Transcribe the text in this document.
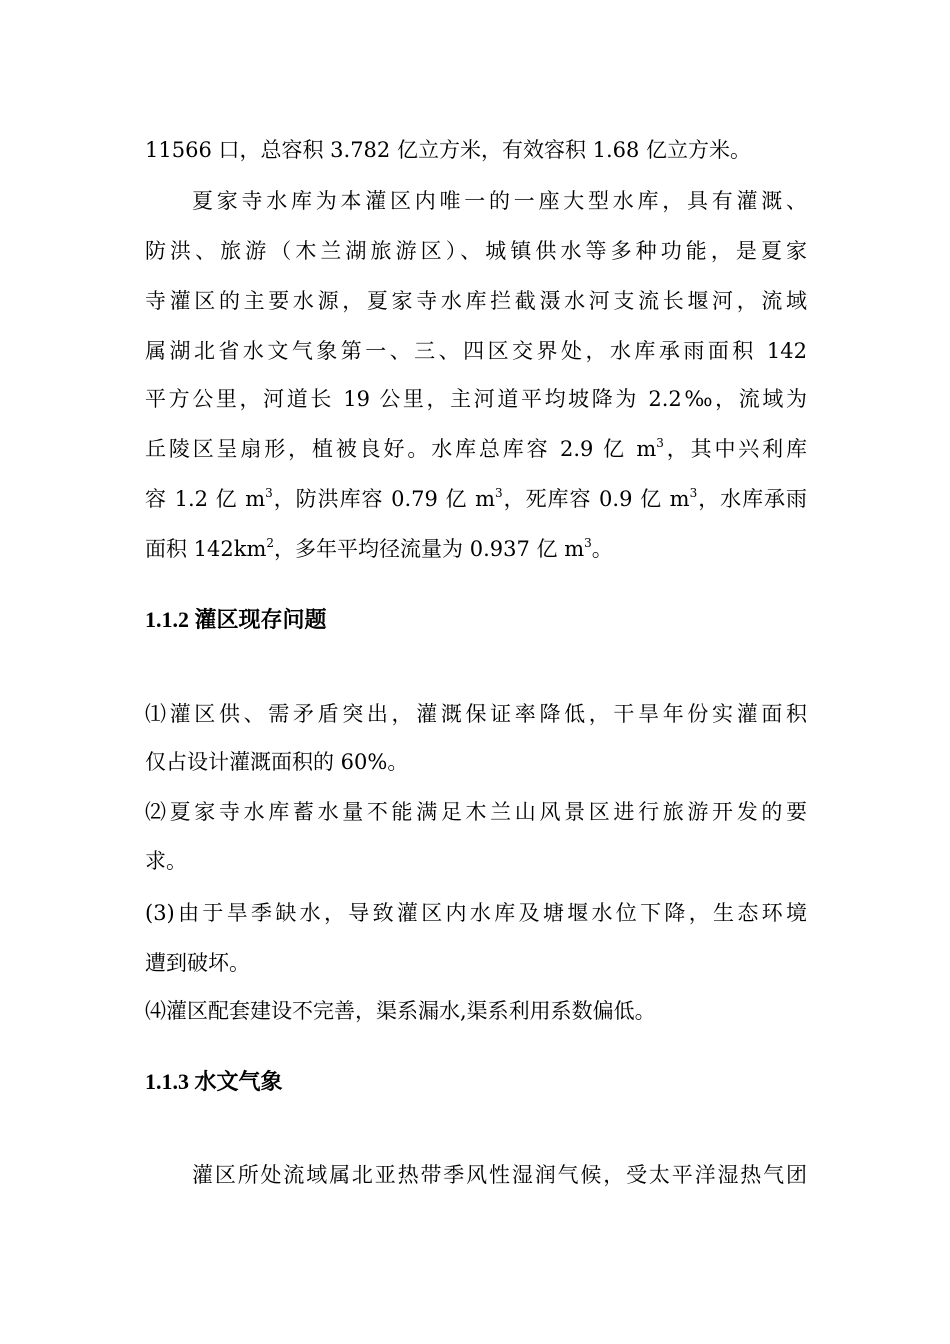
11566 口，总容积 3.782 亿立方米，有效容积 1.68 亿立方米。
夏家寺水库为本灌区内唯一的一座大型水库，具有灌溉、
防洪、旅游（木兰湖旅游区）、城镇供水等多种功能，是夏家
寺灌区的主要水源，夏家寺水库拦截滠水河支流长堰河，流域
属湖北省水文气象第一、三、四区交界处，水库承雨面积 142
平方公里，河道长 19 公里，主河道平均坡降为 2.2‰，流域为
丘陵区呈扇形，植被良好。水库总库容 2.9 亿 $m^3$，其中兴利库
容 1.2 亿 $m^3$，防洪库容 0.79 亿 $m^3$，死库容 0.9 亿 $m^3$，水库承雨
面积 $142km^2$，多年平均径流量为 0.937 亿 $m^3$。
1.1.2 灌区现存问题
⑴灌区供、需矛盾突出，灌溉保证率降低，干旱年份实灌面积
仅占设计灌溉面积的 60%。
⑵夏家寺水库蓄水量不能满足木兰山风景区进行旅游开发的要
求。
(3)由于旱季缺水，导致灌区内水库及塘堰水位下降，生态环境
遭到破坏。
⑷灌区配套建设不完善，渠系漏水,渠系利用系数偏低。
1.1.3 水文气象
灌区所处流域属北亚热带季风性湿润气候，受太平洋湿热气团
